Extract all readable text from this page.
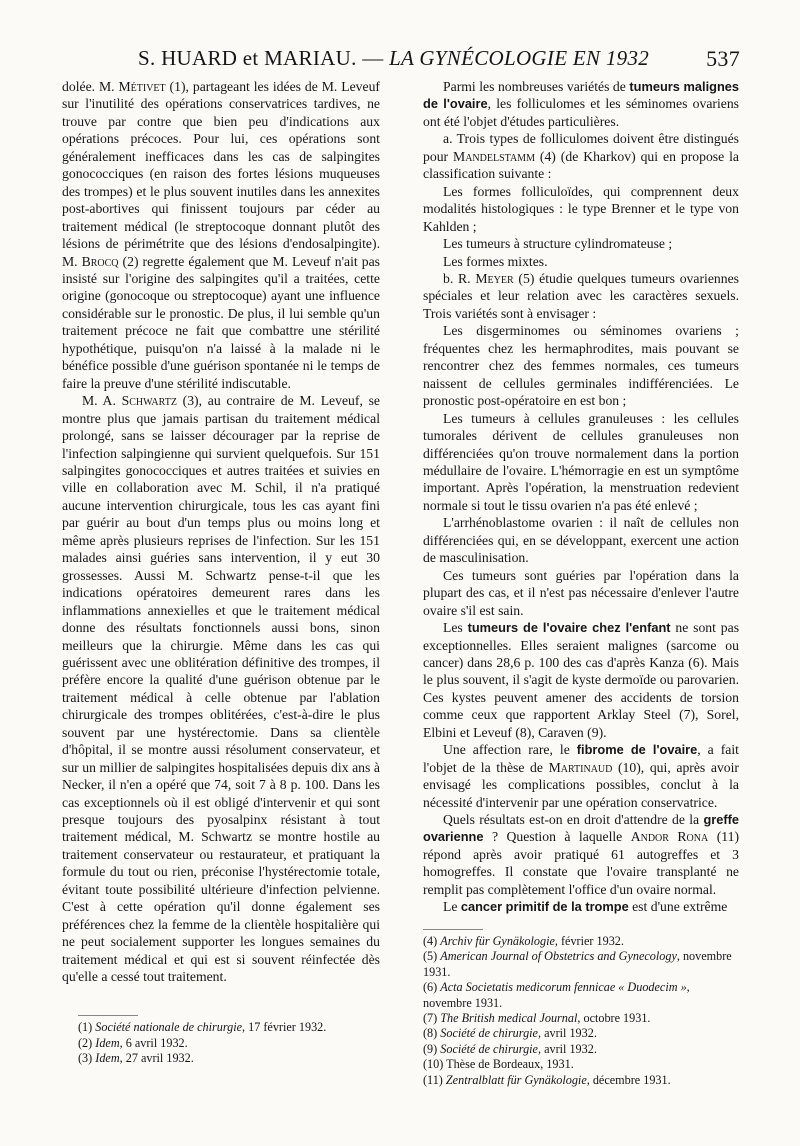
S. HUARD et MARIAU. — LA GYNÉCOLOGIE EN 1932	537

dolée. M. Métivet (1), partageant les idées de M. Leveuf sur l'inutilité des opérations conservatrices tardives, ne trouve par contre que bien peu d'indications aux opérations précoces. Pour lui, ces opérations sont généralement inefficaces dans les cas de salpingites gonococciques (en raison des fortes lésions muqueuses des trompes) et le plus souvent inutiles dans les annexites post-abortives qui finissent toujours par céder au traitement médical (le streptocoque donnant plutôt des lésions de périmétrite que des lésions d'endosalpingite). M. Brocq (2) regrette également que M. Leveuf n'ait pas insisté sur l'origine des salpingites qu'il a traitées, cette origine (gonocoque ou streptocoque) ayant une influence considérable sur le pronostic. De plus, il lui semble qu'un traitement précoce ne fait que combattre une stérilité hypothétique, puisqu'on n'a laissé à la malade ni le bénéfice possible d'une guérison spontanée ni le temps de faire la preuve d'une stérilité indiscutable.

M. A. Schwartz (3), au contraire de M. Leveuf, se montre plus que jamais partisan du traitement médical prolongé, sans se laisser décourager par la reprise de l'infection salpingienne qui survient quelquefois. Sur 151 salpingites gonococciques et autres traitées et suivies en ville en collaboration avec M. Schil, il n'a pratiqué aucune intervention chirurgicale, tous les cas ayant fini par guérir au bout d'un temps plus ou moins long et même après plusieurs reprises de l'infection. Sur les 151 malades ainsi guéries sans intervention, il y eut 30 grossesses. Aussi M. Schwartz pense-t-il que les indications opératoires demeurent rares dans les inflammations annexielles et que le traitement médical donne des résultats fonctionnels aussi bons, sinon meilleurs que la chirurgie. Même dans les cas qui guérissent avec une oblitération définitive des trompes, il préfère encore la qualité d'une guérison obtenue par le traitement médical à celle obtenue par l'ablation chirurgicale des trompes oblitérées, c'est-à-dire le plus souvent par une hystérectomie. Dans sa clientèle d'hôpital, il se montre aussi résolument conservateur, et sur un millier de salpingites hospitalisées depuis dix ans à Necker, il n'en a opéré que 74, soit 7 à 8 p. 100. Dans les cas exceptionnels où il est obligé d'intervenir et qui sont presque toujours des pyosalpinx résistant à tout traitement médical, M. Schwartz se montre hostile au traitement conservateur ou restaurateur, et pratiquant la formule du tout ou rien, préconise l'hystérectomie totale, évitant toute possibilité ultérieure d'infection pelvienne. C'est à cette opération qu'il donne également ses préférences chez la femme de la clientèle hospitalière qui ne peut socialement supporter les longues semaines du traitement médical et qui est si souvent réinfectée dès qu'elle a cessé tout traitement.

(1) Société nationale de chirurgie, 17 février 1932.

(2) Idem, 6 avril 1932.

(3) Idem, 27 avril 1932.

Parmi les nombreuses variétés de tumeurs malignes de l'ovaire, les folliculomes et les séminomes ovariens ont été l'objet d'études particulières.

a. Trois types de folliculomes doivent être distingués pour Mandelstamm (4) (de Kharkov) qui en propose la classification suivante :

Les formes folliculoïdes, qui comprennent deux modalités histologiques : le type Brenner et le type von Kahlden ;

Les tumeurs à structure cylindromateuse ;

Les formes mixtes.

b. R. Meyer (5) étudie quelques tumeurs ovariennes spéciales et leur relation avec les caractères sexuels. Trois variétés sont à envisager :

Les disgerminomes ou séminomes ovariens ; fréquentes chez les hermaphrodites, mais pouvant se rencontrer chez des femmes normales, ces tumeurs naissent de cellules germinales indifférenciées. Le pronostic post-opératoire en est bon ;

Les tumeurs à cellules granuleuses : les cellules tumorales dérivent de cellules granuleuses non différenciées qu'on trouve normalement dans la portion médullaire de l'ovaire. L'hémorragie en est un symptôme important. Après l'opération, la menstruation redevient normale si tout le tissu ovarien n'a pas été enlevé ;

L'arrhénoblastome ovarien : il naît de cellules non différenciées qui, en se développant, exercent une action de masculinisation.

Ces tumeurs sont guéries par l'opération dans la plupart des cas, et il n'est pas nécessaire d'enlever l'autre ovaire s'il est sain.

Les tumeurs de l'ovaire chez l'enfant ne sont pas exceptionnelles. Elles seraient malignes (sarcome ou cancer) dans 28,6 p. 100 des cas d'après Kanza (6). Mais le plus souvent, il s'agit de kyste dermoïde ou parovarien. Ces kystes peuvent amener des accidents de torsion comme ceux que rapportent Arklay Steel (7), Sorel, Elbini et Leveuf (8), Caraven (9).

Une affection rare, le fibrome de l'ovaire, a fait l'objet de la thèse de Martinaud (10), qui, après avoir envisagé les complications possibles, conclut à la nécessité d'intervenir par une opération conservatrice.

Quels résultats est-on en droit d'attendre de la greffe ovarienne ? Question à laquelle Andor Rona (11) répond après avoir pratiqué 61 autogreffes et 3 homogreffes. Il constate que l'ovaire transplanté ne remplit pas complètement l'office d'un ovaire normal.

Le cancer primitif de la trompe est d'une extrême

(4) Archiv für Gynäkologie, février 1932.

(5) American Journal of Obstetrics and Gynecology, novembre 1931.

(6) Acta Societatis medicorum fennicae « Duodecim », novembre 1931.

(7) The British medical Journal, octobre 1931.

(8) Société de chirurgie, avril 1932.

(9) Société de chirurgie, avril 1932.

(10) Thèse de Bordeaux, 1931.

(11) Zentralblatt für Gynäkologie, décembre 1931.
